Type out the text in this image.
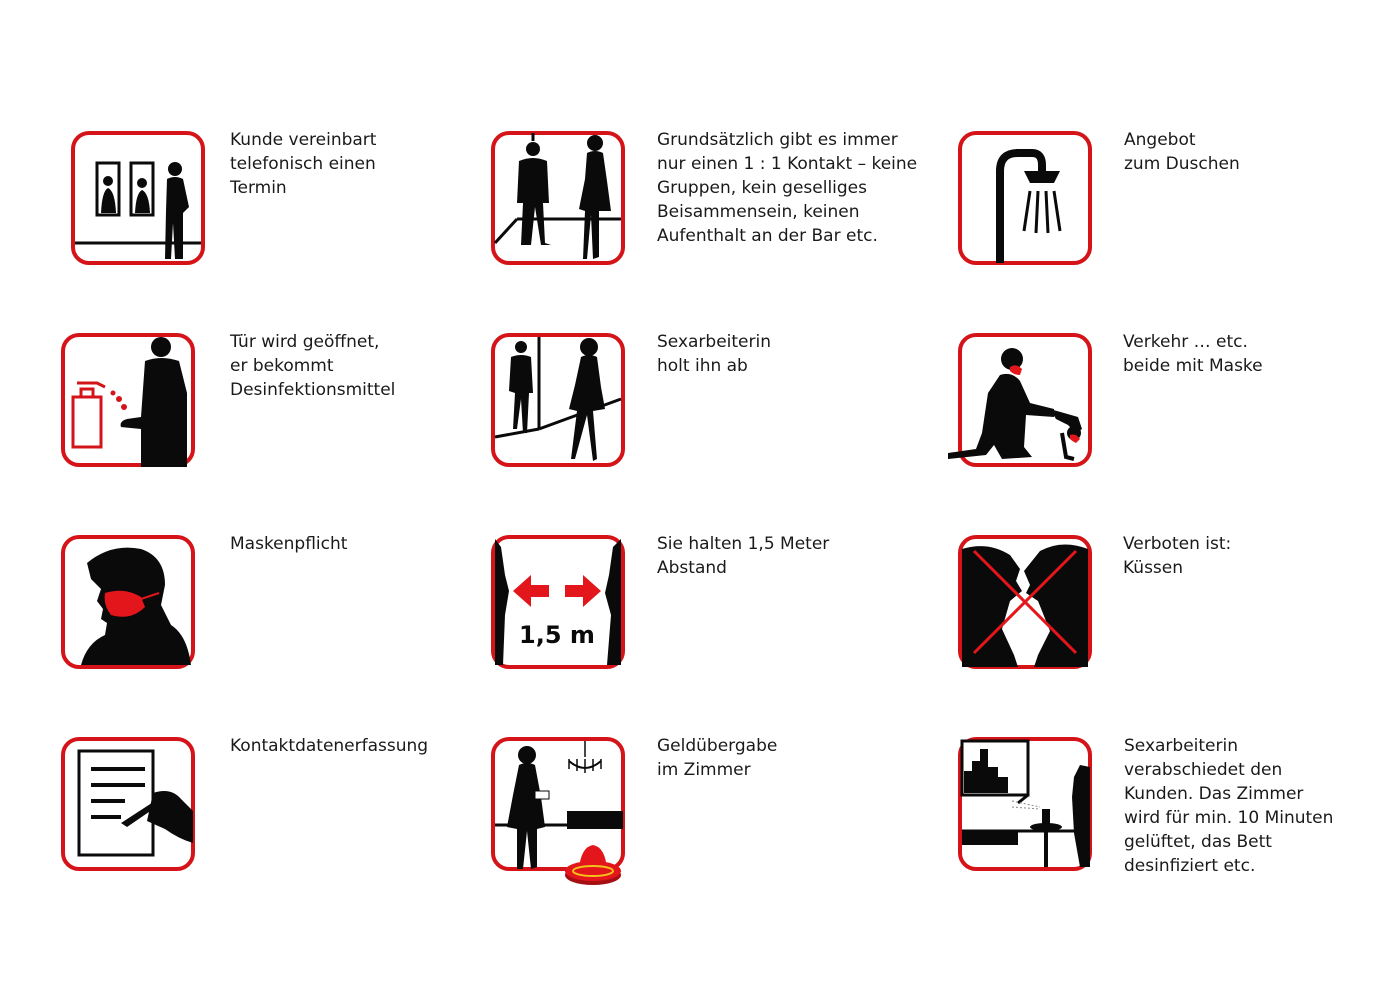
Kunde vereinbart
telefonisch einen
Termin
Grundsätzlich gibt es immer
nur einen 1 : 1 Kontakt – keine
Gruppen, kein geselliges
Beisammensein, keinen
Aufenthalt an der Bar etc.
Angebot
zum Duschen
Tür wird geöffnet,
er bekommt
Desinfektionsmittel
Sexarbeiterin
holt ihn ab
Verkehr … etc.
beide mit Maske
Maskenpflicht
1,5 m
Sie halten 1,5 Meter
Abstand
Verboten ist:
Küssen
Kontaktdatenerfassung	Geldübergabe
im Zimmer
Sexarbeiterin
verabschiedet den
Kunden. Das Zimmer
wird für min. 10 Minuten
gelüftet, das Bett
desinfiziert etc.
